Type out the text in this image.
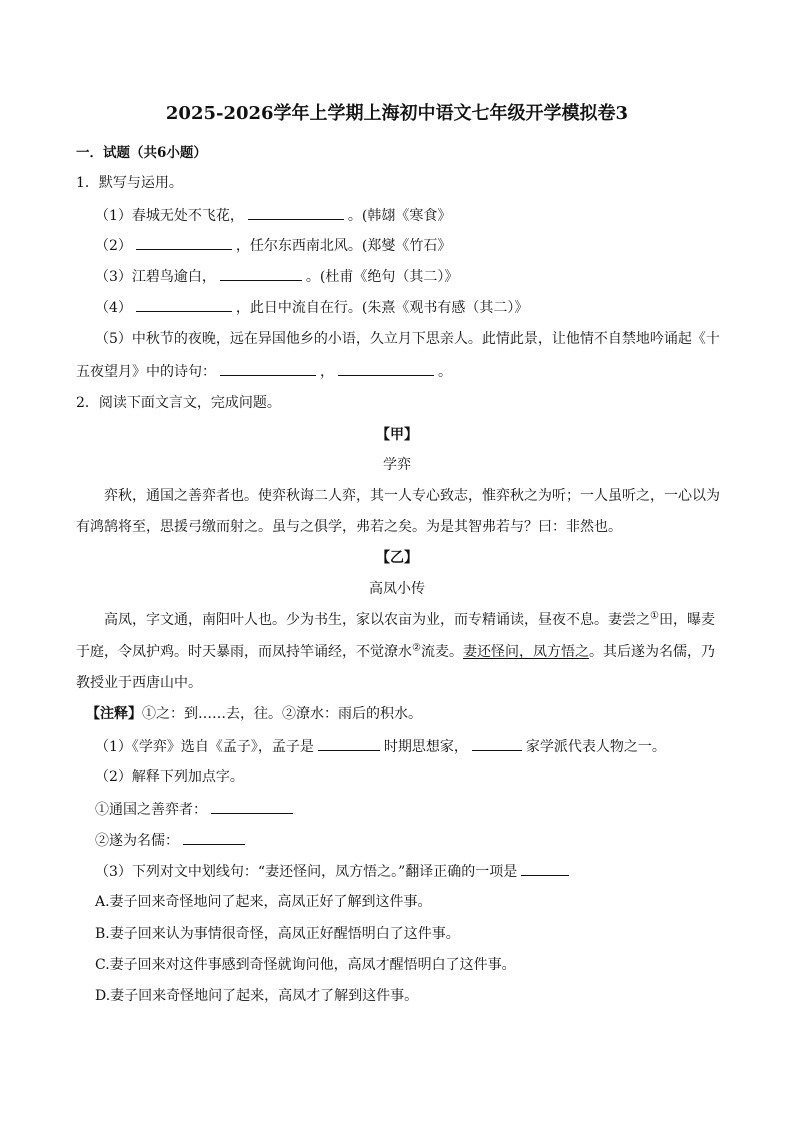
2025-2026学年上学期上海初中语文七年级开学模拟卷3
一．试题（共6小题）
1．默写与运用。
（1）春城无处不飞花，	。(韩翃《寒食》
（2）	，任尔东西南北风。(郑燮《竹石》
（3）江碧鸟逾白，	。(杜甫《绝句（其二）》
（4）	，此日中流自在行。(朱熹《观书有感（其二）》
（5）中秋节的夜晚，远在异国他乡的小语，久立月下思亲人。此情此景，让他情不自禁地吟诵起《十
五夜望月》中的诗句：	，	。
2．阅读下面文言文，完成问题。
【甲】
学弈
弈秋，通国之善弈者也。使弈秋诲二人弈，其一人专心致志，惟弈秋之为听；一人虽听之，一心以为
有鸿鹄将至，思援弓缴而射之。虽与之俱学，弗若之矣。为是其智弗若与？曰：非然也。
【乙】
高凤小传
高凤，字文通，南阳叶人也。少为书生，家以农亩为业，而专精诵读，昼夜不息。妻尝之①田，曝麦
于庭，令凤护鸡。时天暴雨，而凤持竿诵经，不觉潦水②流麦。妻还怪问，凤方悟之。其后遂为名儒，乃
教授业于西唐山中。
【注释】①之：到……去，往。②潦水：雨后的积水。
（1）《学弈》选自《孟子》，孟子是	时期思想家，	家学派代表人物之一。
（2）解释下列加点字。
①通国之善弈者：
②遂为名儒：
（3）下列对文中划线句：“妻还怪问，凤方悟之。”翻译正确的一项是
A.妻子回来奇怪地问了起来，高凤正好了解到这件事。
B.妻子回来认为事情很奇怪，高凤正好醒悟明白了这件事。
C.妻子回来对这件事感到奇怪就询问他，高凤才醒悟明白了这件事。
D.妻子回来奇怪地问了起来，高凤才了解到这件事。
